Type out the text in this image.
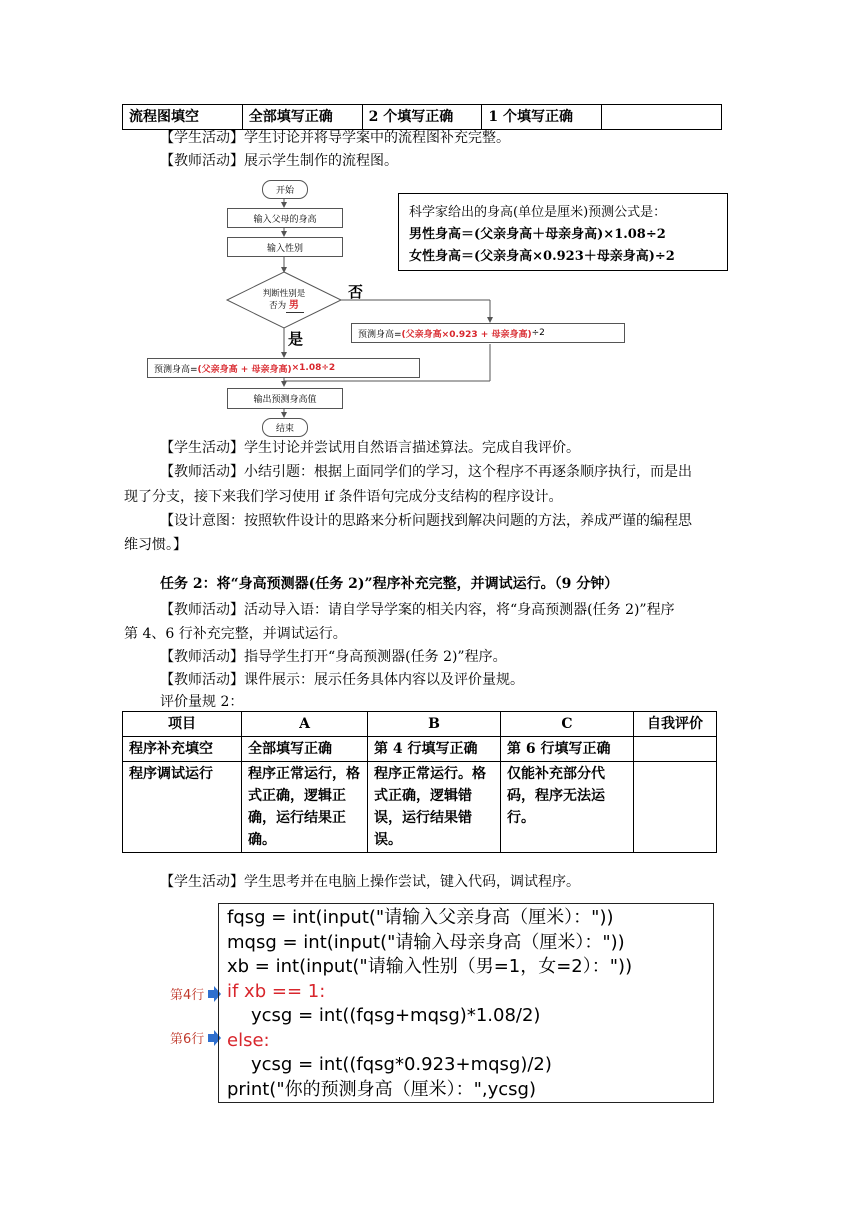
流程图填空	全部填写正确	2 个填写正确	1 个填写正确	
【学生活动】学生讨论并将导学案中的流程图补充完整。
【教师活动】展示学生制作的流程图。
开始
输入父母的身高
输入性别
判断性别是
否为 男
否
是	预测身高= (父亲身高×0.923 + 母亲身高) ÷2
预测身高= (父亲身高 + 母亲身高) ×1.08÷2
输出预测身高值
结束
科学家给出的身高(单位是厘米)预测公式是：
男性身高＝(父亲身高＋母亲身高)×1.08÷2
女性身高＝(父亲身高×0.923＋母亲身高)÷2
【学生活动】学生讨论并尝试用自然语言描述算法。完成自我评价。
【教师活动】小结引题：根据上面同学们的学习，这个程序不再逐条顺序执行，而是出
现了分支，接下来我们学习使用 if 条件语句完成分支结构的程序设计。
【设计意图：按照软件设计的思路来分析问题找到解决问题的方法，养成严谨的编程思
维习惯。】
任务 2：将“身高预测器(任务 2)”程序补充完整，并调试运行。（9 分钟）
【教师活动】活动导入语：请自学导学案的相关内容，将“身高预测器(任务 2)”程序
第 4、6 行补充完整，并调试运行。
【教师活动】指导学生打开“身高预测器(任务 2)”程序。
【教师活动】课件展示：展示任务具体内容以及评价量规。
评价量规 2：
项目	A	B	C	自我评价
程序补充填空	全部填写正确	第 4 行填写正确	第 6 行填写正确	
程序调试运行	程序正常运行，格式正确，逻辑正确，运行结果正确。	程序正常运行。格式正确，逻辑错误，运行结果错误。	仅能补充部分代码，程序无法运行。	
【学生活动】学生思考并在电脑上操作尝试，键入代码，调试程序。
第4行
第6行
fqsg = int(input("请输入父亲身高（厘米）："))
mqsg = int(input("请输入母亲身高（厘米）："))
xb = int(input("请输入性别（男=1，女=2）："))
if xb == 1:
ycsg = int((fqsg+mqsg)*1.08/2)
else:
ycsg = int((fqsg*0.923+mqsg)/2)
print("你的预测身高（厘米）：",ycsg)
